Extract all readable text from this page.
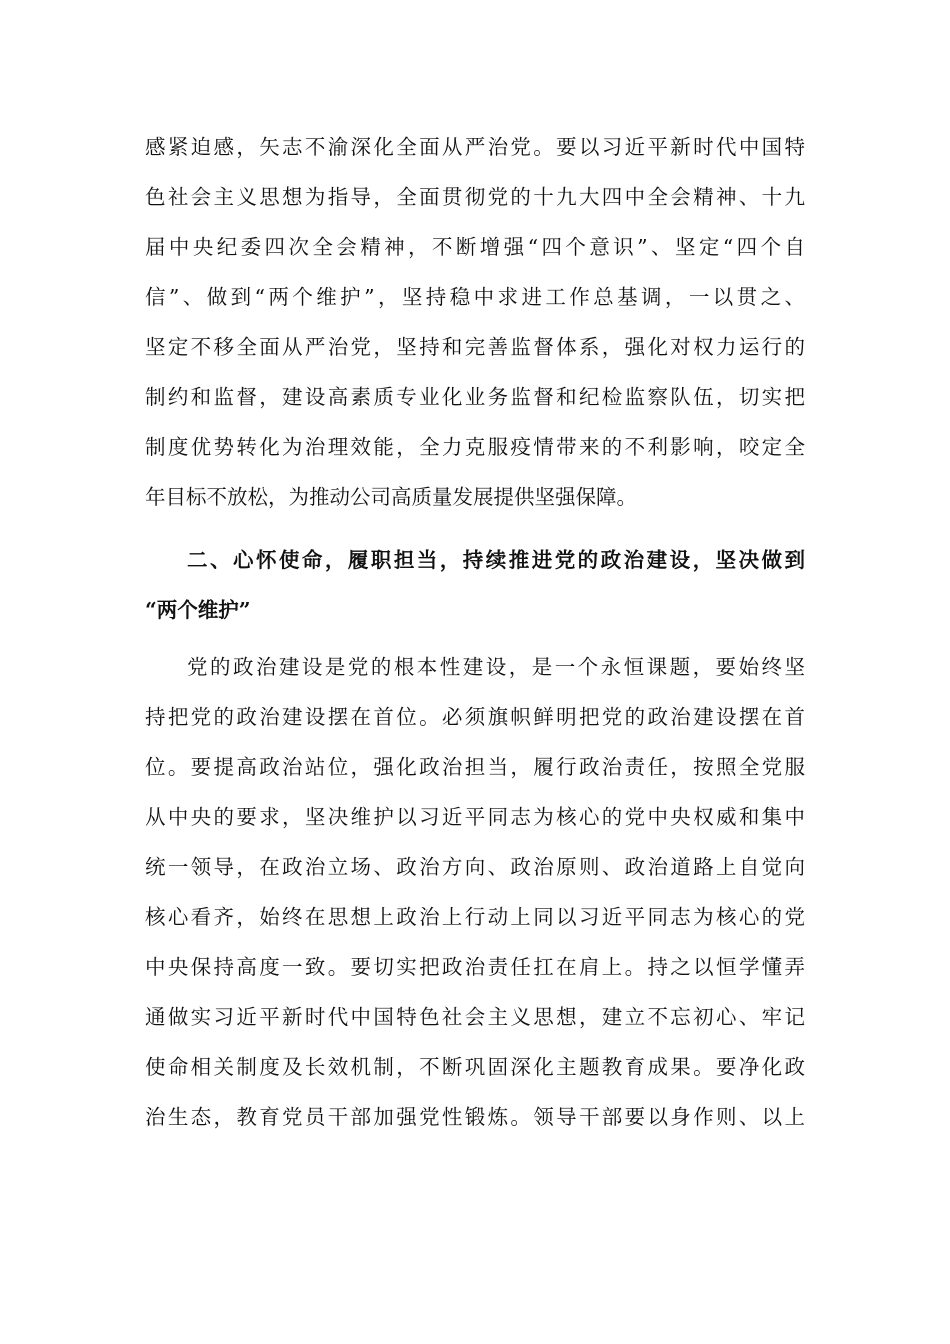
感紧迫感，矢志不渝深化全面从严治党。要以习近平新时代中国特
色社会主义思想为指导，全面贯彻党的十九大四中全会精神、十九
届中央纪委四次全会精神，不断增强“四个意识”、坚定“四个自
信”、做到“两个维护”，坚持稳中求进工作总基调，一以贯之、
坚定不移全面从严治党，坚持和完善监督体系，强化对权力运行的
制约和监督，建设高素质专业化业务监督和纪检监察队伍，切实把
制度优势转化为治理效能，全力克服疫情带来的不利影响，咬定全
年目标不放松，为推动公司高质量发展提供坚强保障。
二、心怀使命，履职担当，持续推进党的政治建设，坚决做到
“两个维护”
党的政治建设是党的根本性建设，是一个永恒课题，要始终坚
持把党的政治建设摆在首位。必须旗帜鲜明把党的政治建设摆在首
位。要提高政治站位，强化政治担当，履行政治责任，按照全党服
从中央的要求，坚决维护以习近平同志为核心的党中央权威和集中
统一领导，在政治立场、政治方向、政治原则、政治道路上自觉向
核心看齐，始终在思想上政治上行动上同以习近平同志为核心的党
中央保持高度一致。要切实把政治责任扛在肩上。持之以恒学懂弄
通做实习近平新时代中国特色社会主义思想，建立不忘初心、牢记
使命相关制度及长效机制，不断巩固深化主题教育成果。要净化政
治生态，教育党员干部加强党性锻炼。领导干部要以身作则、以上
